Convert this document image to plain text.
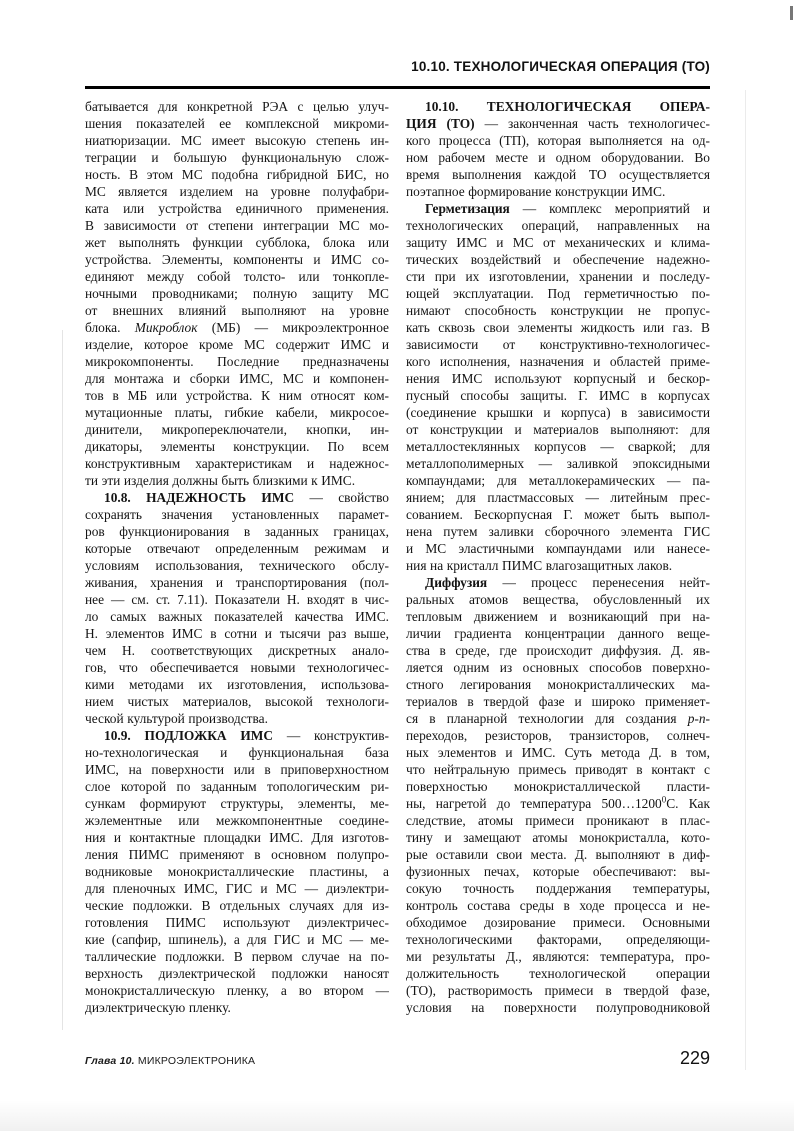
10.10. ТЕХНОЛОГИЧЕСКАЯ ОПЕРАЦИЯ (ТО)
батывается для конкретной РЭА с целью улуч-
шения показателей ее комплексной микроми-
ниатюризации. МС имеет высокую степень ин-
теграции и большую функциональную слож-
ность. В этом МС подобна гибридной БИС, но
МС является изделием на уровне полуфабри-
ката или устройства единичного применения.
В зависимости от степени интеграции МС мо-
жет выполнять функции субблока, блока или
устройства. Элементы, компоненты и ИМС со-
единяют между собой толсто- или тонкопле-
ночными проводниками; полную защиту МС
от внешних влияний выполняют на уровне
блока. Микроблок (МБ) — микроэлектронное
изделие, которое кроме МС содержит ИМС и
микрокомпоненты. Последние предназначены
для монтажа и сборки ИМС, МС и компонен-
тов в МБ или устройства. К ним относят ком-
мутационные платы, гибкие кабели, микросое-
динители, микропереключатели, кнопки, ин-
дикаторы, элементы конструкции. По всем
конструктивным характеристикам и надежнос-
ти эти изделия должны быть близкими к ИМС.
10.8. НАДЕЖНОСТЬ ИМС — свойство
сохранять значения установленных парамет-
ров функционирования в заданных границах,
которые отвечают определенным режимам и
условиям использования, технического обслу-
живания, хранения и транспортирования (пол-
нее — см. ст. 7.11). Показатели Н. входят в чис-
ло самых важных показателей качества ИМС.
Н. элементов ИМС в сотни и тысячи раз выше,
чем Н. соответствующих дискретных анало-
гов, что обеспечивается новыми технологичес-
кими методами их изготовления, использова-
нием чистых материалов, высокой технологи-
ческой культурой производства.
10.9. ПОДЛОЖКА ИМС — конструктив-
но-технологическая и функциональная база
ИМС, на поверхности или в приповерхностном
слое которой по заданным топологическим ри-
сункам формируют структуры, элементы, ме-
жэлементные или межкомпонентные соедине-
ния и контактные площадки ИМС. Для изготов-
ления ПИМС применяют в основном полупро-
водниковые монокристаллические пластины, а
для пленочных ИМС, ГИС и МС — диэлектри-
ческие подложки. В отдельных случаях для из-
готовления ПИМС используют диэлектричес-
кие (сапфир, шпинель), а для ГИС и МС — ме-
таллические подложки. В первом случае на по-
верхность диэлектрической подложки наносят
монокристаллическую пленку, а во втором —
диэлектрическую пленку.
10.10. ТЕХНОЛОГИЧЕСКАЯ ОПЕРА-
ЦИЯ (ТО) — законченная часть технологичес-
кого процесса (ТП), которая выполняется на од-
ном рабочем месте и одном оборудовании. Во
время выполнения каждой ТО осуществляется
поэтапное формирование конструкции ИМС.
Герметизация — комплекс мероприятий и
технологических операций, направленных на
защиту ИМС и МС от механических и клима-
тических воздействий и обеспечение надежно-
сти при их изготовлении, хранении и последу-
ющей эксплуатации. Под герметичностью по-
нимают способность конструкции не пропус-
кать сквозь свои элементы жидкость или газ. В
зависимости от конструктивно-технологичес-
кого исполнения, назначения и областей приме-
нения ИМС используют корпусный и бескор-
пусный способы защиты. Г. ИМС в корпусах
(соединение крышки и корпуса) в зависимости
от конструкции и материалов выполняют: для
металлостеклянных корпусов — сваркой; для
металлополимерных — заливкой эпоксидными
компаундами; для металлокерамических — па-
янием; для пластмассовых — литейным прес-
сованием. Бескорпусная Г. может быть выпол-
нена путем заливки сборочного элемента ГИС
и МС эластичными компаундами или нанесе-
ния на кристалл ПИМС влагозащитных лаков.
Диффузия — процесс перенесения нейт-
ральных атомов вещества, обусловленный их
тепловым движением и возникающий при на-
личии градиента концентрации данного веще-
ства в среде, где происходит диффузия. Д. яв-
ляется одним из основных способов поверхно-
стного легирования монокристаллических ма-
териалов в твердой фазе и широко применяет-
ся в планарной технологии для создания p-n-
переходов, резисторов, транзисторов, солнеч-
ных элементов и ИМС. Суть метода Д. в том,
что нейтральную примесь приводят в контакт с
поверхностью монокристаллической пласти-
ны, нагретой до температура 500…1200$^0$С. Как
следствие, атомы примеси проникают в плас-
тину и замещают атомы монокристалла, кото-
рые оставили свои места. Д. выполняют в диф-
фузионных печах, которые обеспечивают: вы-
сокую точность поддержания температуры,
контроль состава среды в ходе процесса и не-
обходимое дозирование примеси. Основными
технологическими факторами, определяющи-
ми результаты Д., являются: температура, про-
должительность технологической операции
(ТО), растворимость примеси в твердой фазе,
условия на поверхности полупроводниковой
Глава 10. МИКРОЭЛЕКТРОНИКА	229
